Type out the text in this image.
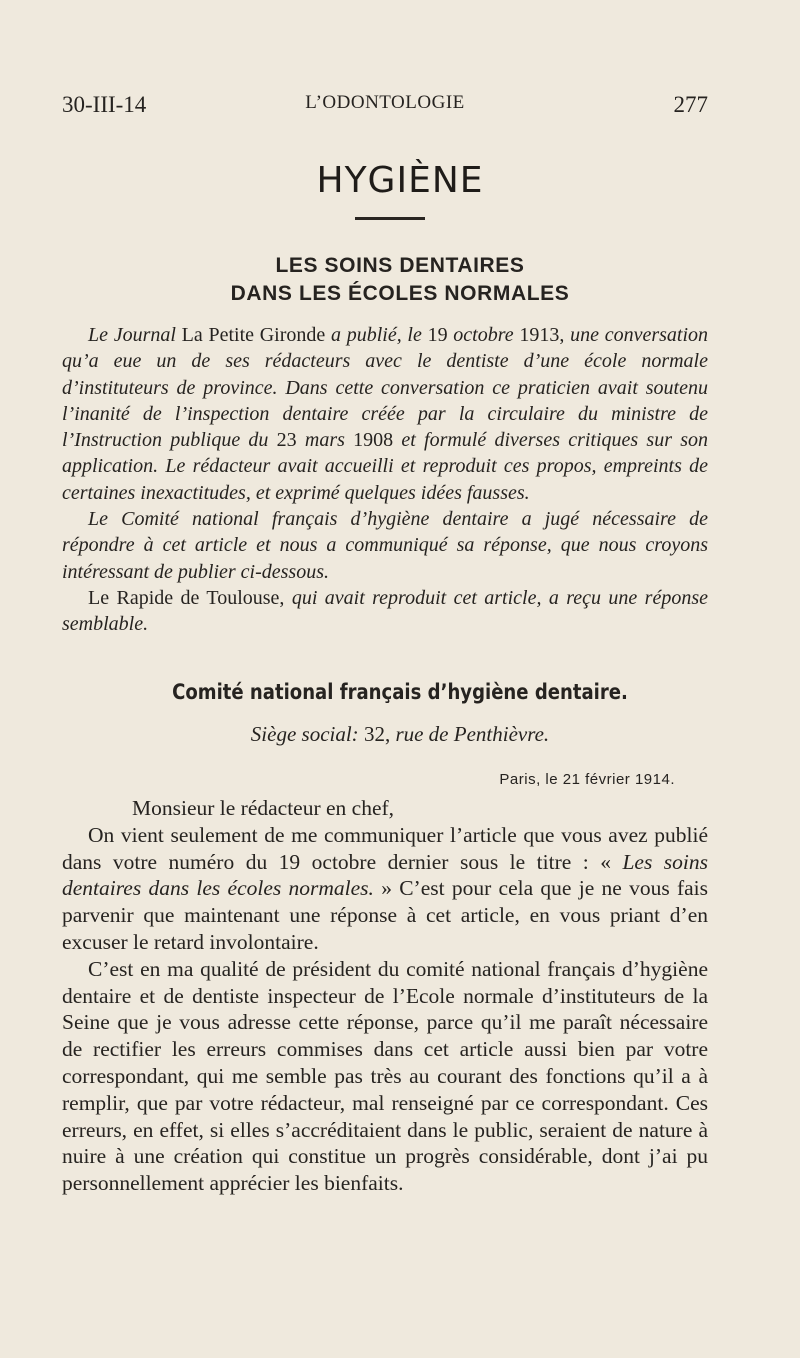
30-III-14	L’ODONTOLOGIE	277
HYGIÈNE
LES SOINS DENTAIRES
DANS LES ÉCOLES NORMALES

Le Journal La Petite Gironde a publié, le 19 octobre 1913, une conversation qu’a eue un de ses rédacteurs avec le dentiste d’une école normale d’instituteurs de province. Dans cette conversation ce praticien avait soutenu l’inanité de l’inspection dentaire créée par la circulaire du ministre de l’Instruction publique du 23 mars 1908 et formulé diverses critiques sur son application. Le rédacteur avait accueilli et reproduit ces propos, empreints de certaines inexactitudes, et exprimé quelques idées fausses.

Le Comité national français d’hygiène dentaire a jugé nécessaire de répondre à cet article et nous a communiqué sa réponse, que nous croyons intéressant de publier ci-dessous.

Le Rapide de Toulouse, qui avait reproduit cet article, a reçu une réponse semblable.

Comité national français d’hygiène dentaire.
Siège social: 32, rue de Penthièvre.
Paris, le 21 février 1914.

Monsieur le rédacteur en chef,

On vient seulement de me communiquer l’article que vous avez publié dans votre numéro du 19 octobre dernier sous le titre : « Les soins dentaires dans les écoles normales. » C’est pour cela que je ne vous fais parvenir que maintenant une réponse à cet article, en vous priant d’en excuser le retard involontaire.

C’est en ma qualité de président du comité national français d’hygiène dentaire et de dentiste inspecteur de l’Ecole normale d’instituteurs de la Seine que je vous adresse cette réponse, parce qu’il me paraît nécessaire de rectifier les erreurs commises dans cet article aussi bien par votre correspondant, qui me semble pas très au courant des fonctions qu’il a à remplir, que par votre rédacteur, mal renseigné par ce correspondant. Ces erreurs, en effet, si elles s’accréditaient dans le public, seraient de nature à nuire à une création qui constitue un progrès considérable, dont j’ai pu personnellement apprécier les bienfaits.
